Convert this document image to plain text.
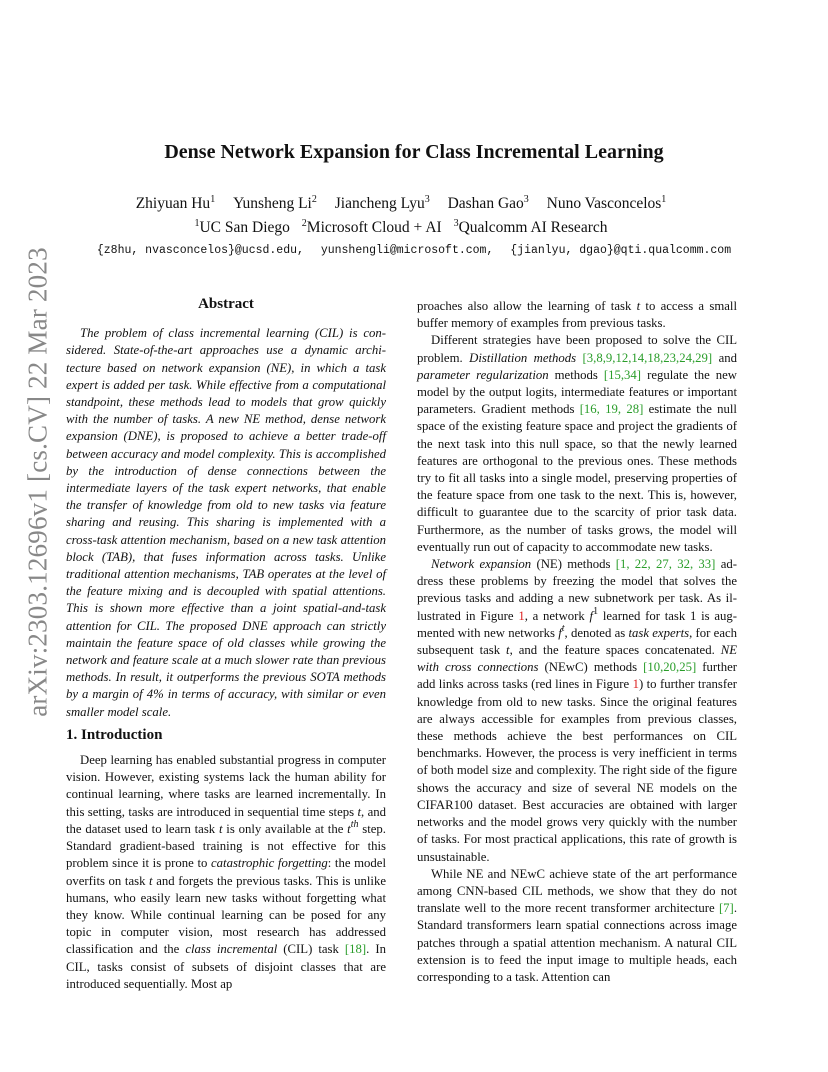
arXiv:2303.12696v1 [cs.CV] 22 Mar 2023
Dense Network Expansion for Class Incremental Learning
Zhiyuan Hu$^1$ Yunsheng Li$^2$ Jiancheng Lyu$^3$ Dashan Gao$^3$ Nuno Vasconcelos$^1$
$^1$UC San Diego $^2$Microsoft Cloud + AI $^3$Qualcomm AI Research
{z8hu, nvasconcelos}@ucsd.edu, yunshengli@microsoft.com, {jianlyu, dgao}@qti.qualcomm.com
Abstract

The problem of class incremental learning (CIL) is considered. State-of-the-art approaches use a dynamic architecture based on network expansion (NE), in which a task expert is added per task. While effective from a computational standpoint, these methods lead to models that grow quickly with the number of tasks. A new NE method, dense network expansion (DNE), is proposed to achieve a better trade-off between accuracy and model complexity. This is accomplished by the introduction of dense connections between the intermediate layers of the task expert networks, that enable the transfer of knowledge from old to new tasks via feature sharing and reusing. This sharing is implemented with a cross-task attention mechanism, based on a new task attention block (TAB), that fuses information across tasks. Unlike traditional attention mechanisms, TAB operates at the level of the feature mixing and is decoupled with spatial attentions. This is shown more effective than a joint spatial-and-task attention for CIL. The proposed DNE approach can strictly maintain the feature space of old classes while growing the network and feature scale at a much slower rate than previous methods. In result, it outperforms the previous SOTA methods by a margin of 4% in terms of accuracy, with similar or even smaller model scale.

1. Introduction

Deep learning has enabled substantial progress in computer vision. However, existing systems lack the human ability for continual learning, where tasks are learned incrementally. In this setting, tasks are introduced in sequential time steps t, and the dataset used to learn task t is only available at the $t^{th}$ step. Standard gradient-based training is not effective for this problem since it is prone to catastrophic forgetting: the model overfits on task t and forgets the previous tasks. This is unlike humans, who easily learn new tasks without forgetting what they know. While continual learning can be posed for any topic in computer vision, most research has addressed classification and the class incremental (CIL) task [18]. In CIL, tasks consist of subsets of disjoint classes that are introduced sequentially. Most ap

proaches also allow the learning of task t to access a small buffer memory of examples from previous tasks.

Different strategies have been proposed to solve the CIL problem. Distillation methods [3,8,9,12,14,18,23,24,29] and parameter regularization methods [15,34] regulate the new model by the output logits, intermediate features or important parameters. Gradient methods [16, 19, 28] estimate the null space of the existing feature space and project the gradients of the next task into this null space, so that the newly learned features are orthogonal to the previous ones. These methods try to fit all tasks into a single model, preserving properties of the feature space from one task to the next. This is, however, difficult to guarantee due to the scarcity of prior task data. Furthermore, as the number of tasks grows, the model will eventually run out of capacity to accommodate new tasks.

Network expansion (NE) methods [1, 22, 27, 32, 33] address these problems by freezing the model that solves the previous tasks and adding a new subnetwork per task. As illustrated in Figure 1, a network $f^1$ learned for task 1 is augmented with new networks $f^t$, denoted as task experts, for each subsequent task t, and the feature spaces concatenated. NE with cross connections (NEwC) methods [10,20,25] further add links across tasks (red lines in Figure 1) to further transfer knowledge from old to new tasks. Since the original features are always accessible for examples from previous classes, these methods achieve the best performances on CIL benchmarks. However, the process is very inefficient in terms of both model size and complexity. The right side of the figure shows the accuracy and size of several NE models on the CIFAR100 dataset. Best accuracies are obtained with larger networks and the model grows very quickly with the number of tasks. For most practical applications, this rate of growth is unsustainable.

While NE and NEwC achieve state of the art performance among CNN-based CIL methods, we show that they do not translate well to the more recent transformer architecture [7]. Standard transformers learn spatial connections across image patches through a spatial attention mechanism. A natural CIL extension is to feed the input image to multiple heads, each corresponding to a task. Attention can
